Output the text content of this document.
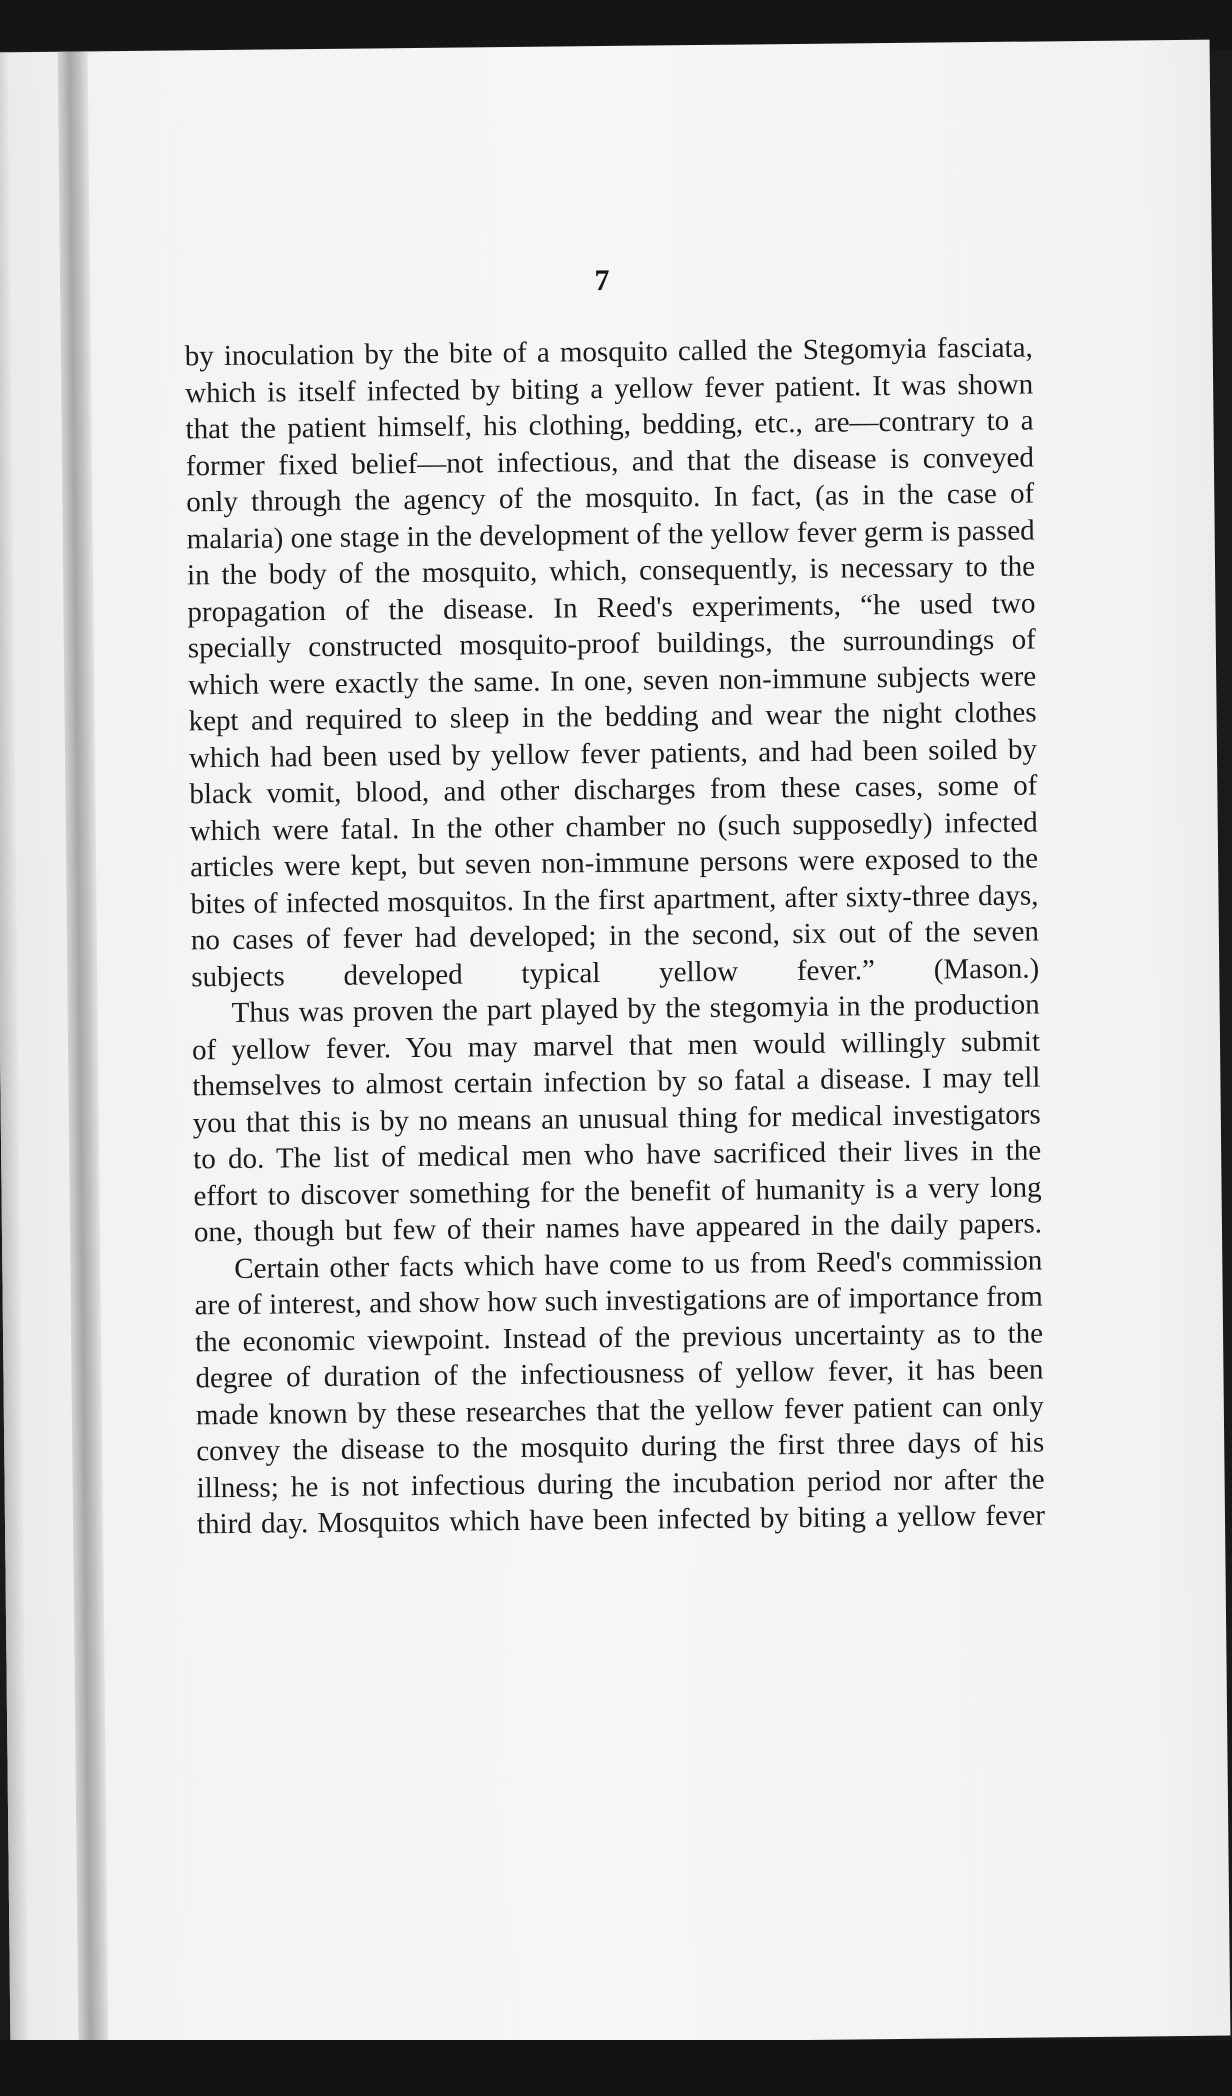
7

by inoculation by the bite of a mosquito called the Stegomyia fasciata, which is itself infected by biting a yellow fever patient. It was shown that the patient himself, his clothing, bedding, etc., are—contrary to a former fixed belief—not infectious, and that the disease is conveyed only through the agency of the mosquito. In fact, (as in the case of malaria) one stage in the development of the yellow fever germ is passed in the body of the mosquito, which, consequently, is necessary to the propagation of the disease. In Reed's experiments, “he used two specially constructed mosquito-proof buildings, the surroundings of which were exactly the same. In one, seven non-immune subjects were kept and required to sleep in the bedding and wear the night clothes which had been used by yellow fever patients, and had been soiled by black vomit, blood, and other discharges from these cases, some of which were fatal. In the other chamber no (such supposedly) infected articles were kept, but seven non-immune persons were exposed to the bites of infected mosquitos. In the first apartment, after sixty-three days, no cases of fever had developed; in the second, six out of the seven subjects developed typical yellow fever.” (Mason.)

Thus was proven the part played by the stegomyia in the production of yellow fever. You may marvel that men would willingly submit themselves to almost certain infection by so fatal a disease. I may tell you that this is by no means an unusual thing for medical investigators to do. The list of medical men who have sacrificed their lives in the effort to discover something for the benefit of humanity is a very long one, though but few of their names have appeared in the daily papers.

Certain other facts which have come to us from Reed's commission are of interest, and show how such investigations are of importance from the economic viewpoint. Instead of the previous uncertainty as to the degree of duration of the infectiousness of yellow fever, it has been made known by these researches that the yellow fever patient can only convey the disease to the mosquito during the first three days of his illness; he is not infectious during the incubation period nor after the third day. Mosquitos which have been infected by biting a yellow fever
